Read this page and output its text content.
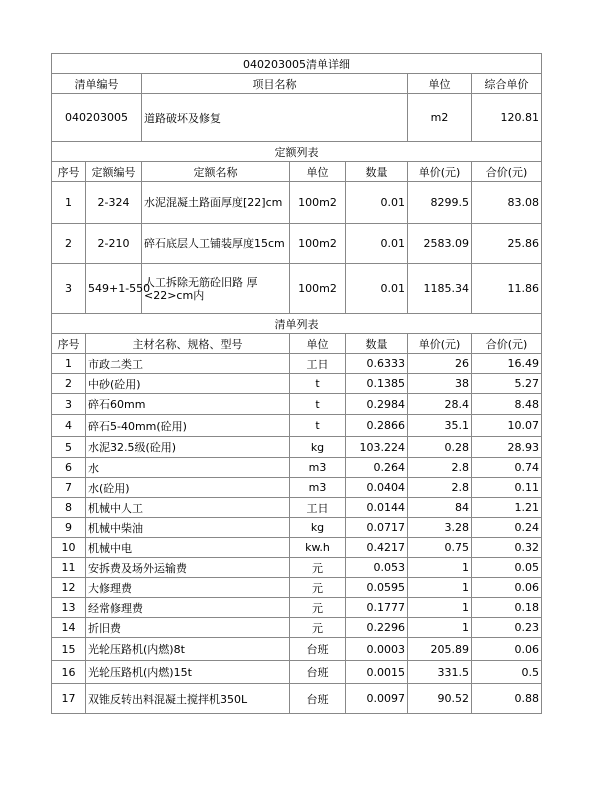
040203005清单详细						
清单编号		项目名称			单位	综合单价
040203005		道路破坏及修复			m2	120.81
定额列表						
序号	定额编号	定额名称	单位	数量	单价(元)	合价(元)
1	2-324	水泥混凝土路面厚度[22]cm	100m2	0.01	8299.5	83.08
2	2-210	碎石底层人工铺装厚度15cm	100m2	0.01	2583.09	25.86
3	549+1-550	人工拆除无筋砼旧路 厚<22>cm内	100m2	0.01	1185.34	11.86
清单列表						
序号	主材名称、规格、型号		单位	数量	单价(元)	合价(元)
1	市政二类工		工日	0.6333	26	16.49
2	中砂(砼用)		t	0.1385	38	5.27
3	碎石60mm		t	0.2984	28.4	8.48
4	碎石5-40mm(砼用)		t	0.2866	35.1	10.07
5	水泥32.5级(砼用)		kg	103.224	0.28	28.93
6	水		m3	0.264	2.8	0.74
7	水(砼用)		m3	0.0404	2.8	0.11
8	机械中人工		工日	0.0144	84	1.21
9	机械中柴油		kg	0.0717	3.28	0.24
10	机械中电		kw.h	0.4217	0.75	0.32
11	安拆费及场外运输费		元	0.053	1	0.05
12	大修理费		元	0.0595	1	0.06
13	经常修理费		元	0.1777	1	0.18
14	折旧费		元	0.2296	1	0.23
15	光轮压路机(内燃)8t		台班	0.0003	205.89	0.06
16	光轮压路机(内燃)15t		台班	0.0015	331.5	0.5
17	双锥反转出料混凝土搅拌机350L		台班	0.0097	90.52	0.88
